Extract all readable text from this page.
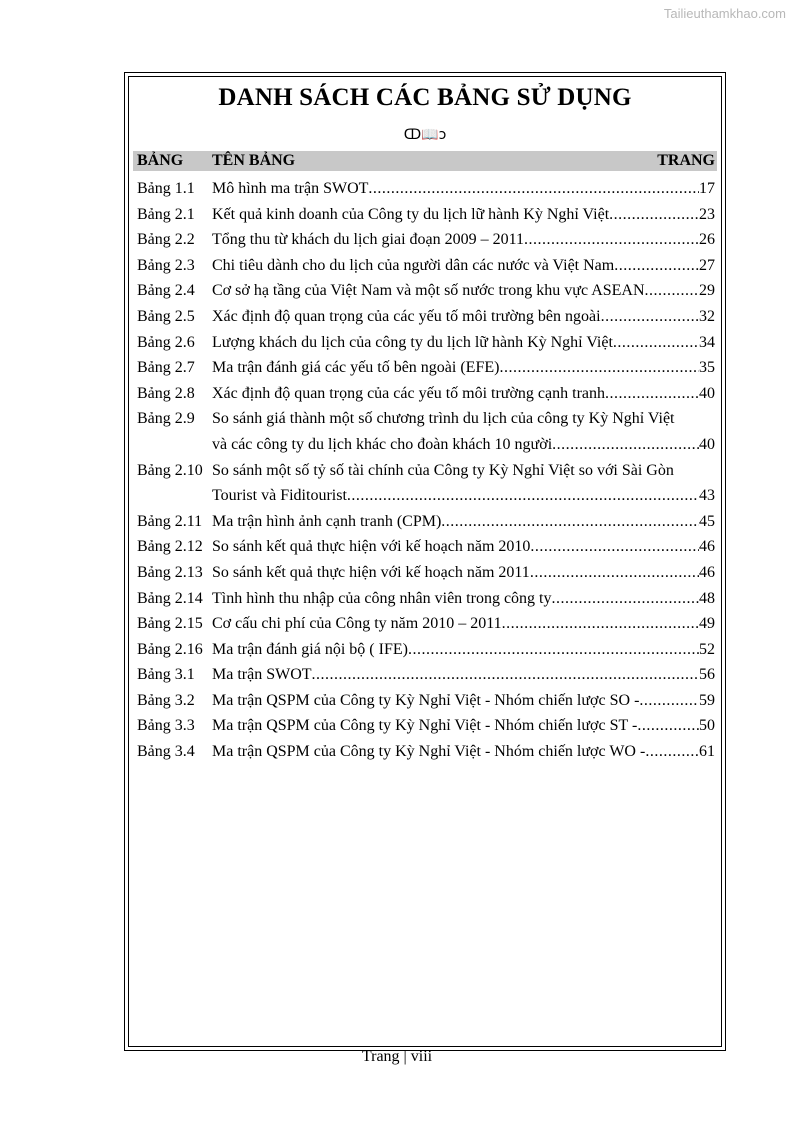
Tailieuthamkhao.com
DANH SÁCH CÁC BẢNG SỬ DỤNG
ↀ📖ↄ
BẢNG TÊN BẢNG	TRANG
Bảng 1.1 Mô hình ma trận SWOT .....	17
Bảng 2.1 Kết quả kinh doanh của Công ty du lịch lữ hành Kỳ Nghỉ Việt .....	23
Bảng 2.2 Tổng thu từ khách du lịch giai đoạn 2009 – 2011 .....	26
Bảng 2.3 Chi tiêu dành cho du lịch của người dân các nước và Việt Nam .....	27
Bảng 2.4 Cơ sở hạ tầng của Việt Nam và một số nước trong khu vực ASEAN .....	29
Bảng 2.5 Xác định độ quan trọng của các yếu tố môi trường bên ngoài .....	32
Bảng 2.6 Lượng khách du lịch của công ty du lịch lữ hành Kỳ Nghỉ Việt .....	34
Bảng 2.7 Ma trận đánh giá các yếu tố bên ngoài (EFE) .....	35
Bảng 2.8 Xác định độ quan trọng của các yếu tố môi trường cạnh tranh .....	40
Bảng 2.9 So sánh giá thành một số chương trình du lịch của công ty Kỳ Nghỉ Việt
và các công ty du lịch khác cho đoàn khách 10 người .....	40
Bảng 2.10 So sánh một số tỷ số tài chính của Công ty Kỳ Nghỉ Việt so với Sài Gòn
Tourist và Fiditourist .....	43
Bảng 2.11 Ma trận hình ảnh cạnh tranh (CPM) .....	45
Bảng 2.12 So sánh kết quả thực hiện với kế hoạch năm 2010 .....	46
Bảng 2.13 So sánh kết quả thực hiện với kế hoạch năm 2011 .....	46
Bảng 2.14 Tình hình thu nhập của công nhân viên trong công ty .....	48
Bảng 2.15 Cơ cấu chi phí của Công ty năm 2010 – 2011 .....	49
Bảng 2.16 Ma trận đánh giá nội bộ ( IFE) .....	52
Bảng 3.1 Ma trận SWOT .....	56
Bảng 3.2 Ma trận QSPM của Công ty Kỳ Nghỉ Việt - Nhóm chiến lược SO - .....	59
Bảng 3.3 Ma trận QSPM của Công ty Kỳ Nghỉ Việt - Nhóm chiến lược ST - .....	50
Bảng 3.4 Ma trận QSPM của Công ty Kỳ Nghỉ Việt - Nhóm chiến lược WO - .....	61
Trang | viii
